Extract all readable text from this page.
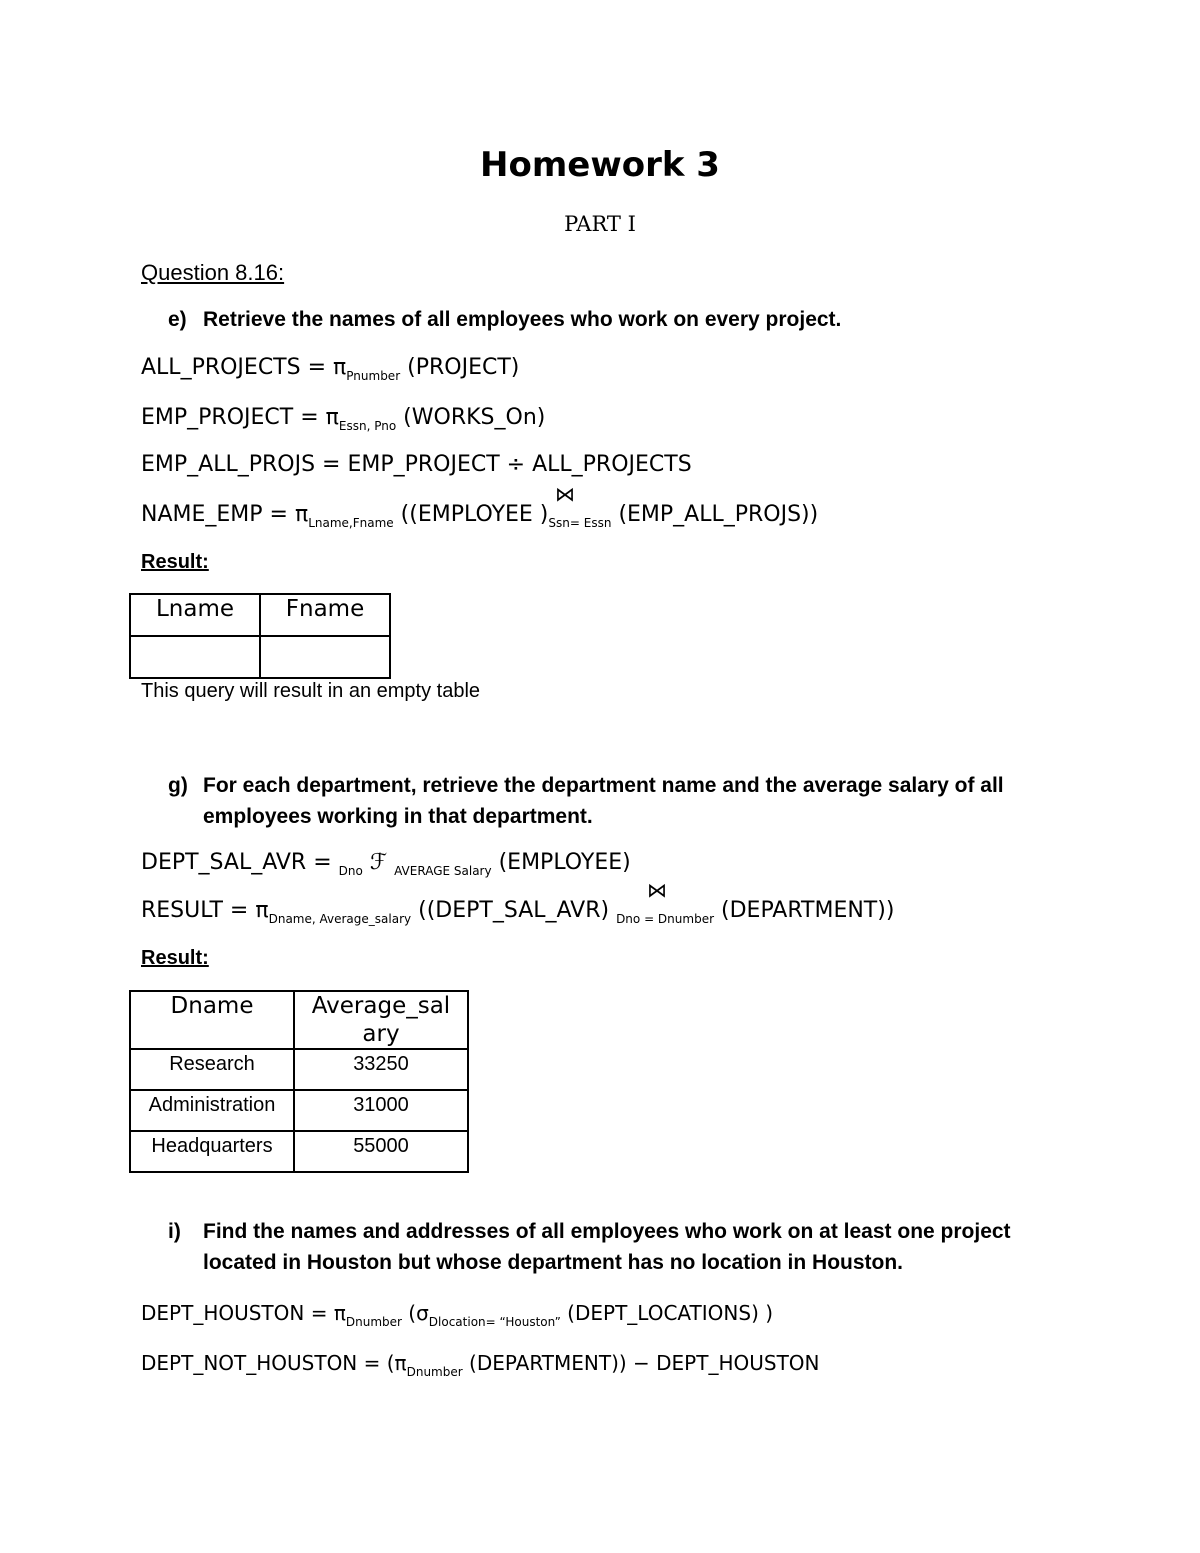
Homework 3
PART I
Question 8.16:
e) Retrieve the names of all employees who work on every project.
ALL_PROJECTS = $\pi_{Pnumber}$ (PROJECT)
EMP_PROJECT = $\pi_{Essn, Pno}$ (WORKS_On)
EMP_ALL_PROJS = EMP_PROJECT ÷ ALL_PROJECTS
⋈
NAME_EMP = $\pi_{Lname,Fname}$ ((EMPLOYEE )$_{Ssn= Essn}$ (EMP_ALL_PROJS))
Result:
Lname	Fname

This query will result in an empty table
g) For each department, retrieve the department name and the average salary of all
employees working in that department.
DEPT_SAL_AVR = $_{Dno}$ ℱ $_{AVERAGE Salary}$ (EMPLOYEE)
⋈
RESULT = $\pi_{Dname, Average\_salary}$ ((DEPT_SAL_AVR) $_{Dno = Dnumber}$ (DEPARTMENT))
Result:
Dname	Average_sal
ary

Research	33250
Administration	31000
Headquarters	55000
i) Find the names and addresses of all employees who work on at least one project
located in Houston but whose department has no location in Houston.
DEPT_HOUSTON = $\pi_{Dnumber}$ ($\sigma_{Dlocation= “Houston”}$ (DEPT_LOCATIONS) )
DEPT_NOT_HOUSTON = ($\pi_{Dnumber}$ (DEPARTMENT)) − DEPT_HOUSTON
